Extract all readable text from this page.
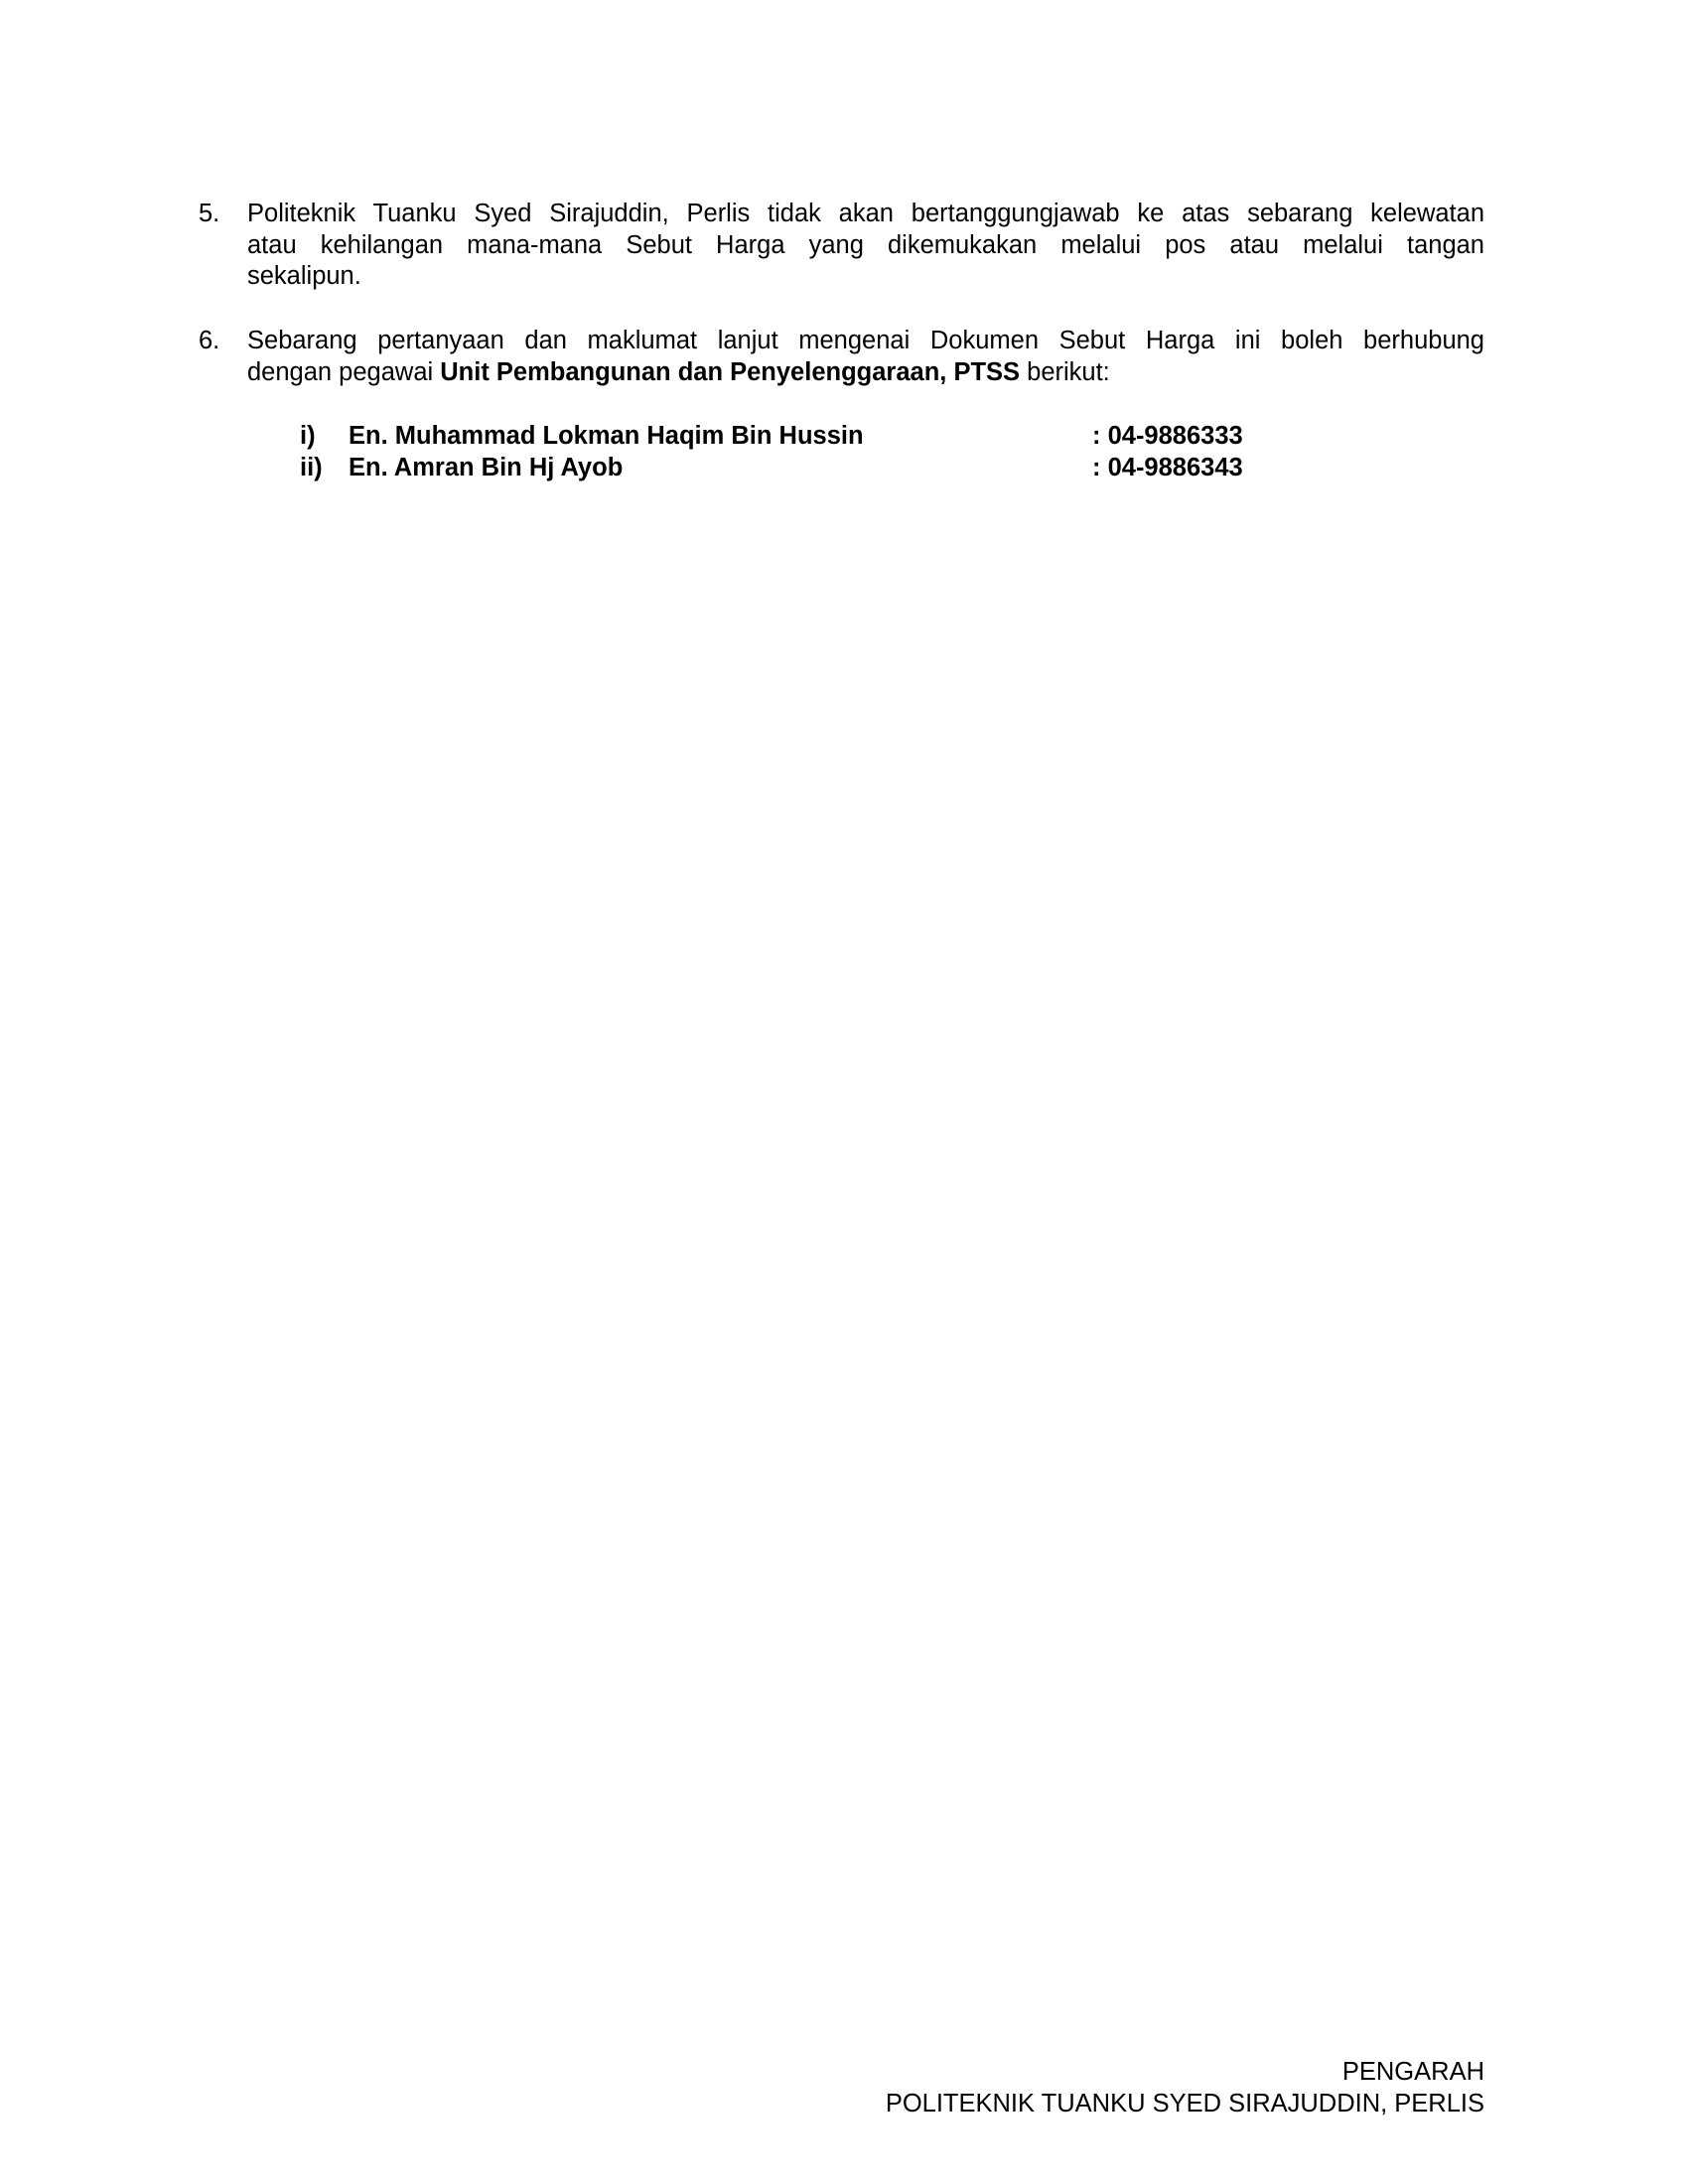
5. Politeknik Tuanku Syed Sirajuddin, Perlis tidak akan bertanggungjawab ke atas sebarang kelewatan
atau kehilangan mana-mana Sebut Harga yang dikemukakan melalui pos atau melalui tangan
sekalipun.
6. Sebarang pertanyaan dan maklumat lanjut mengenai Dokumen Sebut Harga ini boleh berhubung
dengan pegawai Unit Pembangunan dan Penyelenggaraan, PTSS berikut:
i) En. Muhammad Lokman Haqim Bin Hussin	: 04-9886333
ii) En. Amran Bin Hj Ayob	: 04-9886343
PENGARAH
POLITEKNIK TUANKU SYED SIRAJUDDIN, PERLIS
